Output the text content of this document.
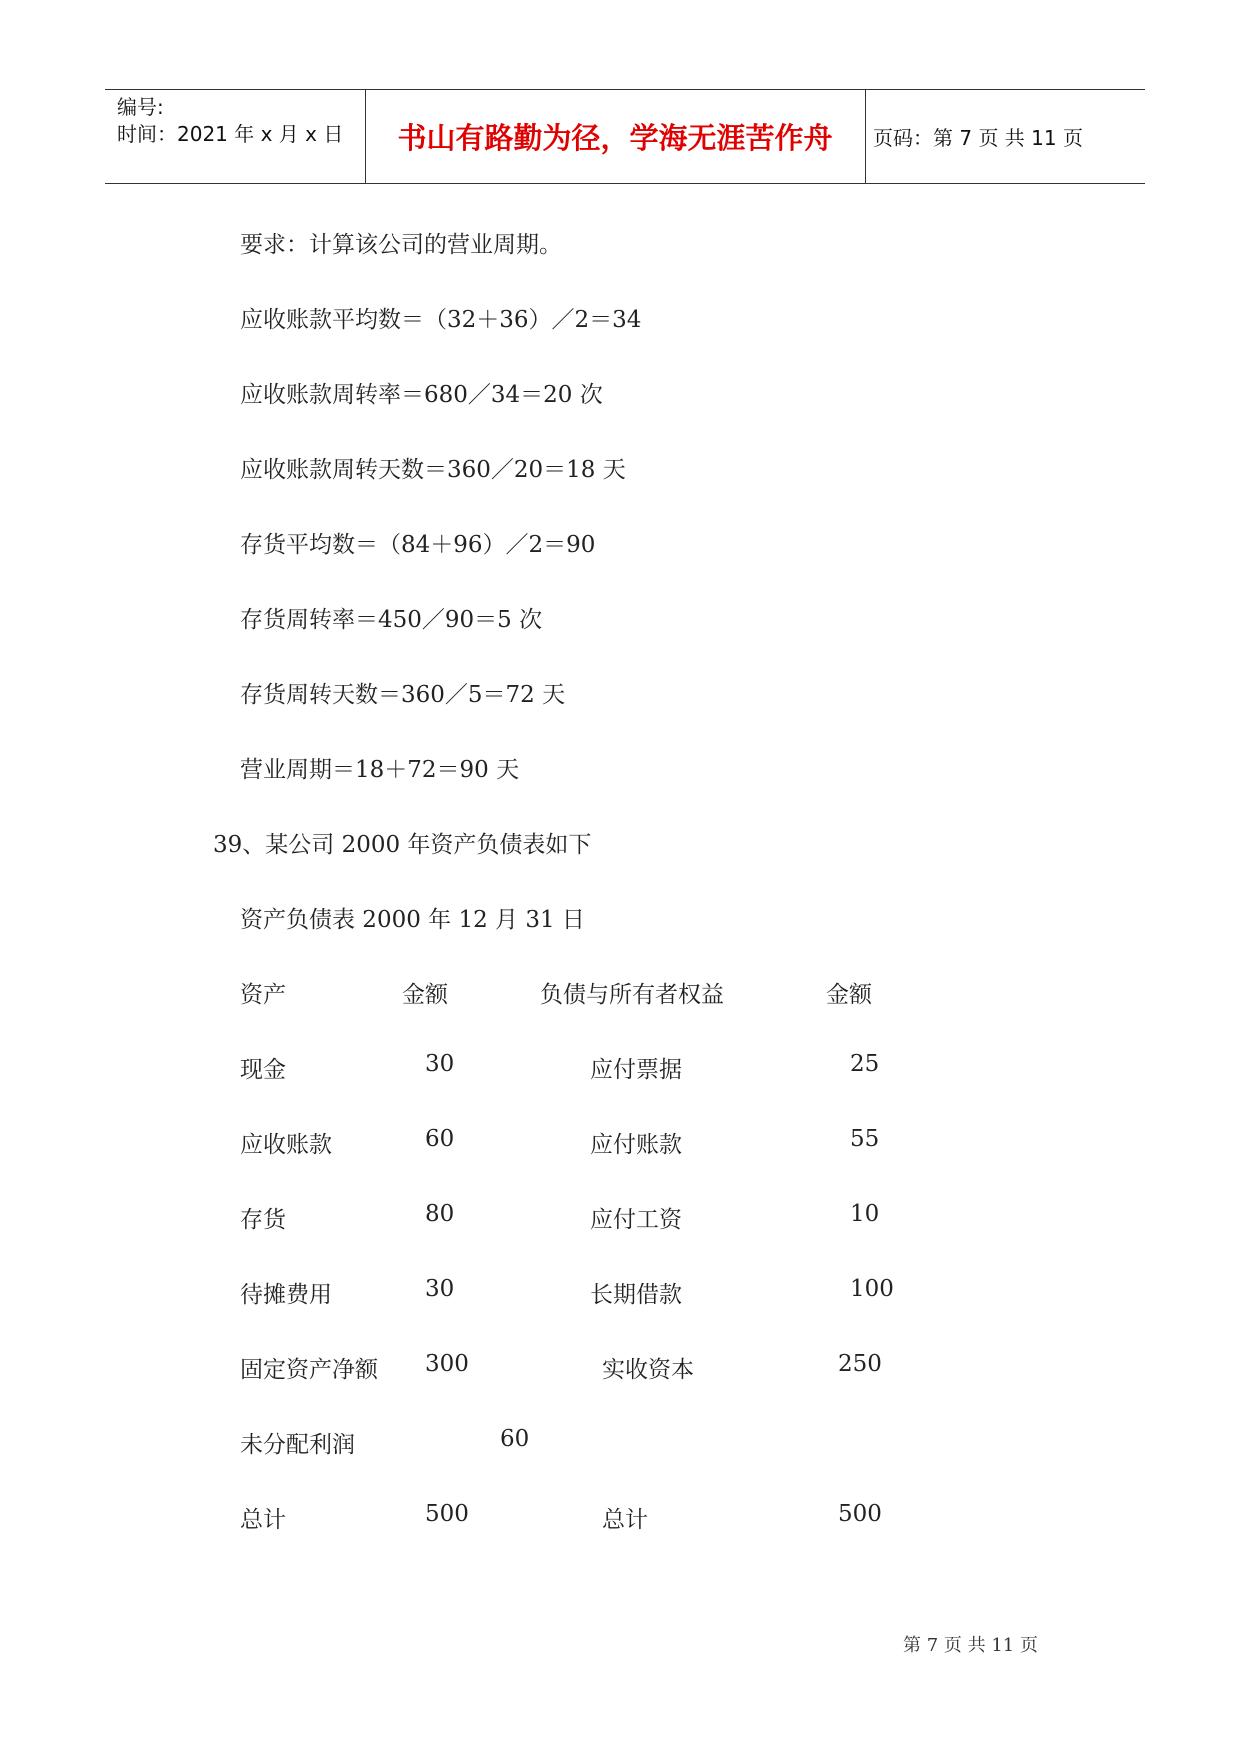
编号:
时间：2021 年 x 月 x 日	书山有路勤为径，学海无涯苦作舟	页码：第 7 页 共 11 页
要求：计算该公司的营业周期。
应收账款平均数＝（32＋36）／2＝34
应收账款周转率＝680／34＝20 次
应收账款周转天数＝360／20＝18 天
存货平均数＝（84＋96）／2＝90
存货周转率＝450／90＝5 次
存货周转天数＝360／5＝72 天
营业周期＝18＋72＝90 天
39、某公司 2000 年资产负债表如下
资产负债表 2000 年 12 月 31 日
资产	金额	负债与所有者权益	金额
现金	30	应付票据	25
应收账款	60	应付账款	55
存货	80	应付工资	10
待摊费用	30	长期借款	100
固定资产净额 300	实收资本	250
未分配利润	60
总计	500	总计	500
第 7 页 共 11 页
